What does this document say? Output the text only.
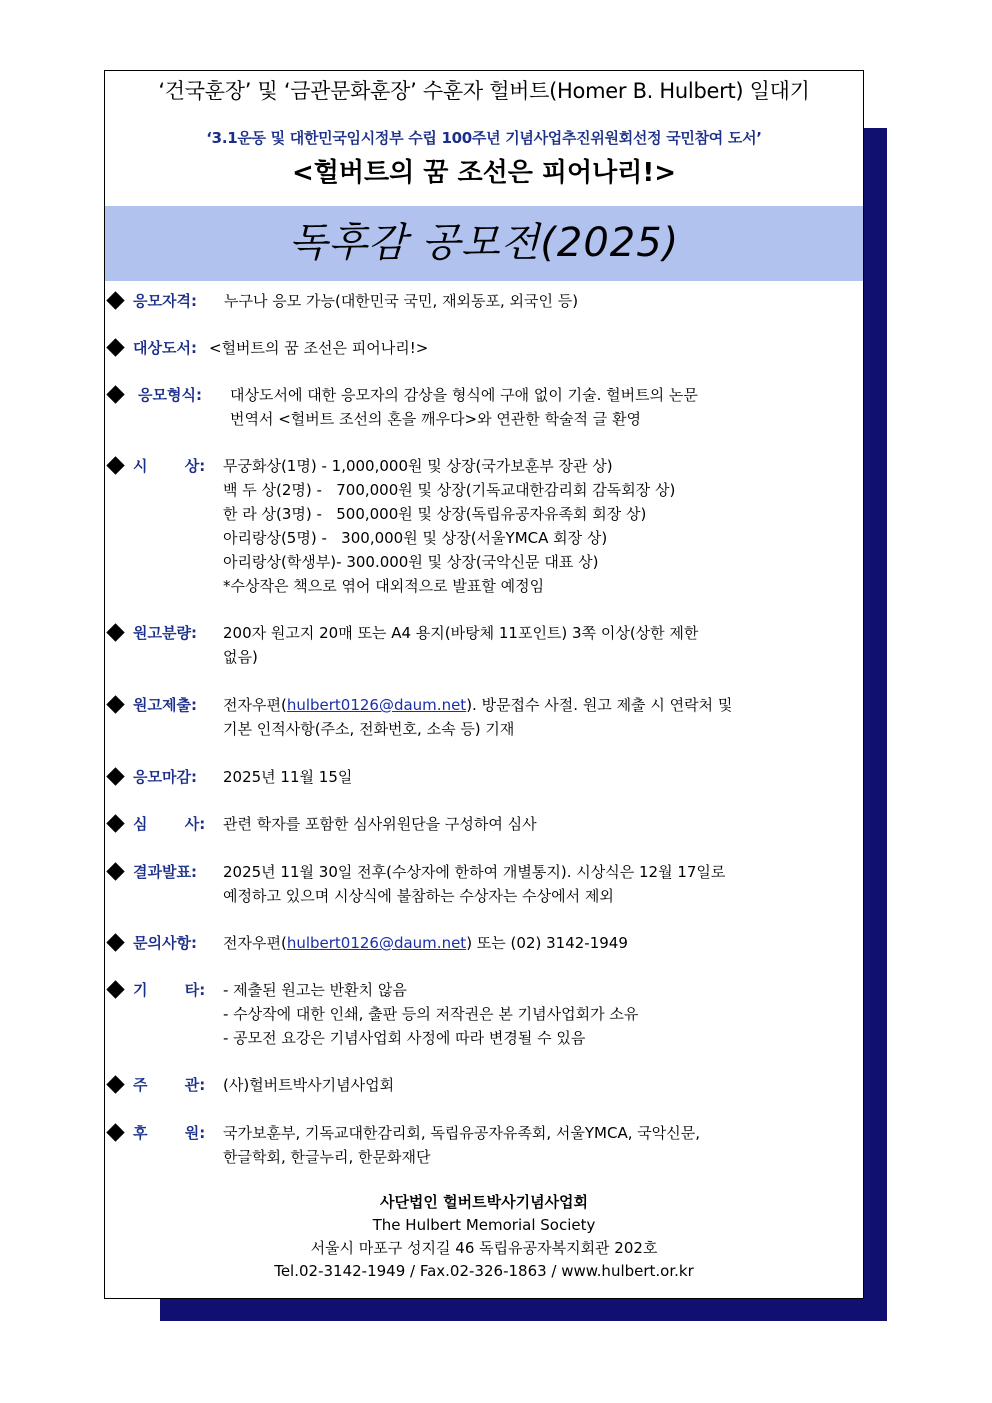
‘건국훈장’ 및 ‘금관문화훈장’ 수훈자 헐버트(Homer B. Hulbert) 일대기
‘3.1운동 및 대한민국임시정부 수립 100주년 기념사업추진위원회선정 국민참여 도서’
<헐버트의 꿈 조선은 피어나리!>
독후감 공모전(2025)
응모자격:	누구나 응모 가능(대한민국 국민, 재외동포, 외국인 등)
대상도서: <헐버트의 꿈 조선은 피어나리!>
응모형식:	대상도서에 대한 응모자의 감상을 형식에 구애 없이 기술. 헐버트의 논문
번역서 <헐버트 조선의 혼을 깨우다>와 연관한 학술적 글 환영
시 상:	무궁화상(1명) - 1,000,000원 및 상장(국가보훈부 장관 상)
백 두 상(2명) -   700,000원 및 상장(기독교대한감리회 감독회장 상)
한 라 상(3명) -   500,000원 및 상장(독립유공자유족회 회장 상)
아리랑상(5명) -   300,000원 및 상장(서울YMCA 회장 상)
아리랑상(학생부)- 300.000원 및 상장(국악신문 대표 상)
*수상작은 책으로 엮어 대외적으로 발표할 예정임
원고분량:	200자 원고지 20매 또는 A4 용지(바탕체 11포인트) 3쪽 이상(상한 제한
없음)
원고제출:	전자우편(hulbert0126@daum.net). 방문접수 사절. 원고 제출 시 연락처 및
기본 인적사항(주소, 전화번호, 소속 등) 기재
응모마감:	2025년 11월 15일
심 사:	관련 학자를 포함한 심사위원단을 구성하여 심사
결과발표:	2025년 11월 30일 전후(수상자에 한하여 개별통지). 시상식은 12월 17일로
예정하고 있으며 시상식에 불참하는 수상자는 수상에서 제외
문의사항:	전자우편(hulbert0126@daum.net) 또는 (02) 3142-1949
기 타:	- 제출된 원고는 반환치 않음
- 수상작에 대한 인쇄, 출판 등의 저작권은 본 기념사업회가 소유
- 공모전 요강은 기념사업회 사정에 따라 변경될 수 있음
주 관:	(사)헐버트박사기념사업회
후 원:	국가보훈부, 기독교대한감리회, 독립유공자유족회, 서울YMCA, 국악신문,
한글학회, 한글누리, 한문화재단
사단법인 헐버트박사기념사업회
The Hulbert Memorial Society
서울시 마포구 성지길 46 독립유공자복지회관 202호
Tel.02-3142-1949 / Fax.02-326-1863 / www.hulbert.or.kr
